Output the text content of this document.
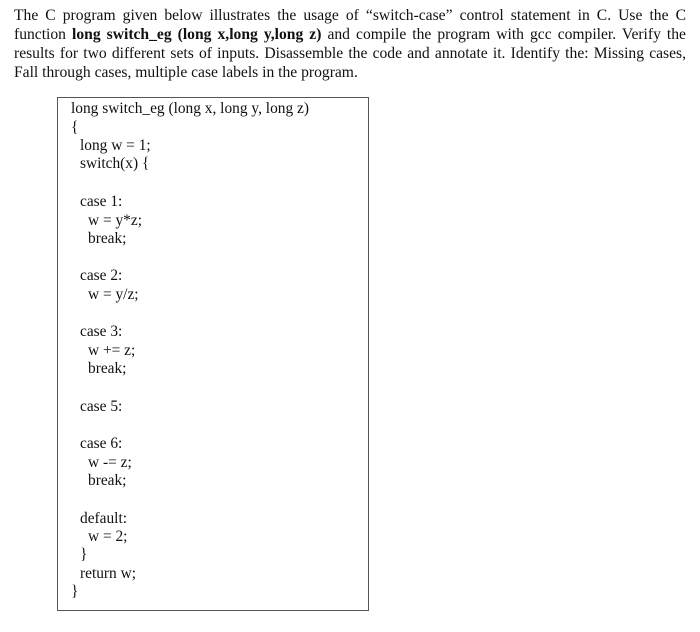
The C program given below illustrates the usage of “switch-case” control statement in C. Use the C function long switch_eg (long x,long y,long z) and compile the program with gcc compiler. Verify the results for two different sets of inputs. Disassemble the code and annotate it. Identify the: Missing cases, Fall through cases, multiple case labels in the program.
long switch_eg (long x, long y, long z)
{
long w = 1;
switch(x) {
case 1:
w = y*z;
break;
case 2:
w = y/z;
case 3:
w += z;
break;
case 5:
case 6:
w -= z;
break;
default:
w = 2;
}
return w;
}
